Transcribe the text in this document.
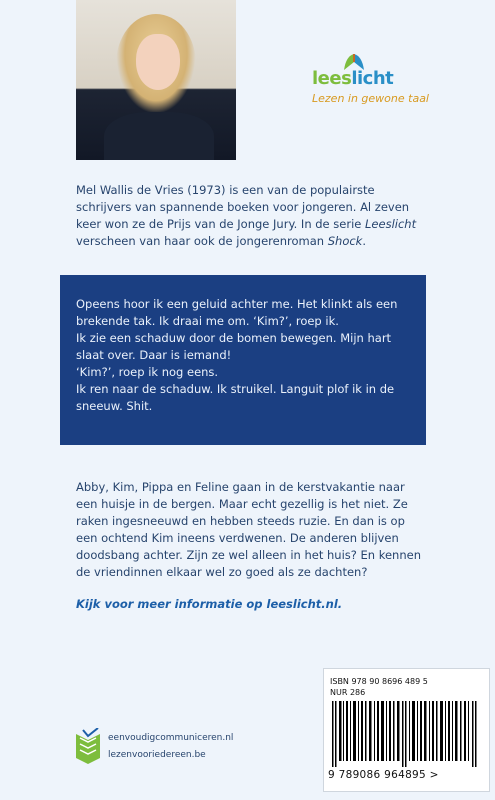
leeslicht
Lezen in gewone taal
Mel Wallis de Vries (1973) is een van de populairste schrijvers van spannende boeken voor jongeren. Al zeven keer won ze de Prijs van de Jonge Jury. In de serie Leeslicht verscheen van haar ook de jongerenroman Shock.

Opeens hoor ik een geluid achter me. Het klinkt als een brekende tak. Ik draai me om. ‘Kim?’, roep ik.

Ik zie een schaduw door de bomen bewegen. Mijn hart slaat over. Daar is iemand!

‘Kim?’, roep ik nog eens.

Ik ren naar de schaduw. Ik struikel. Languit plof ik in de sneeuw. Shit.

Abby, Kim, Pippa en Feline gaan in de kerstvakantie naar een huisje in de bergen. Maar echt gezellig is het niet. Ze raken ingesneeuwd en hebben steeds ruzie. En dan is op een ochtend Kim ineens verdwenen. De anderen blijven doodsbang achter. Zijn ze wel alleen in het huis? En kennen de vriendinnen elkaar wel zo goed als ze dachten?
Kijk voor meer informatie op leeslicht.nl.
ISBN 978 90 8696 489 5
NUR 286
9 789086 964895 >
eenvoudigcommuniceren.nl
lezenvooriedereen.be
